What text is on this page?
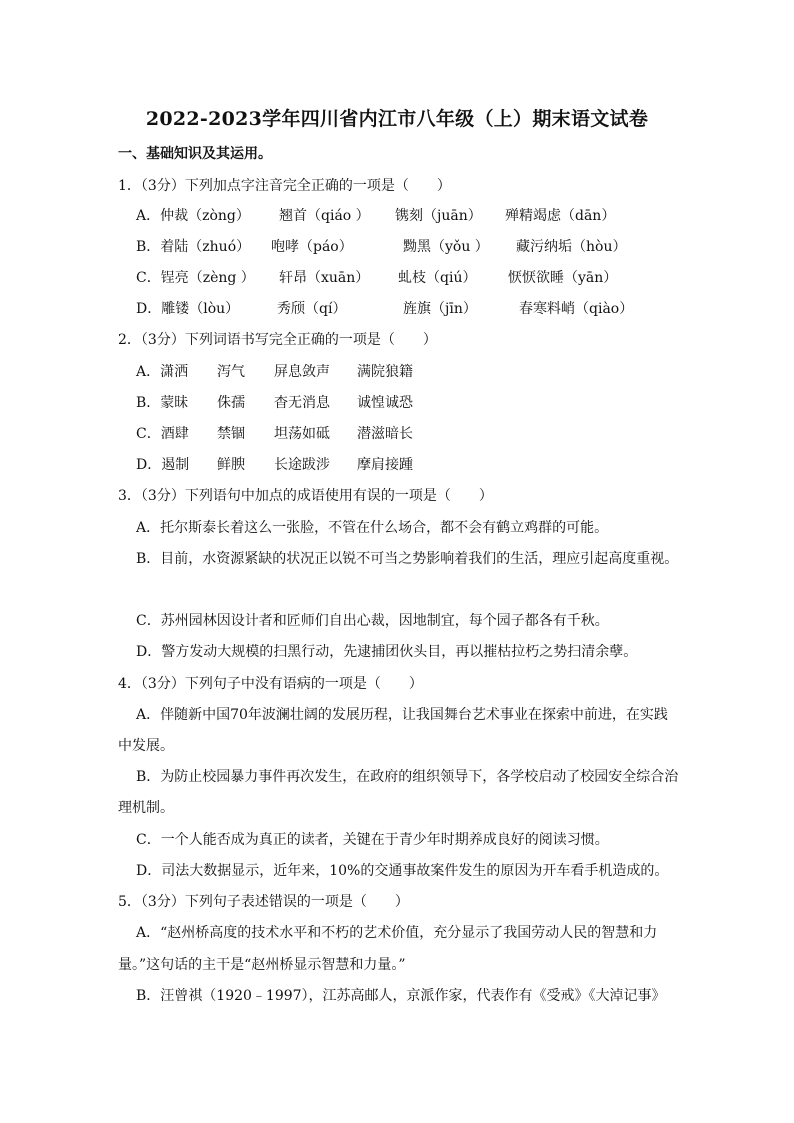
2022-2023学年四川省内江市八年级（上）期末语文试卷
一、基础知识及其运用。
1．（3分）下列加点字注音完全正确的一项是（　　）
A．仲裁（zòng） 翘首（qiáo ） 镌刻（juān） 殚精竭虑（dān）
B．着陆（zhuó） 咆哮（páo）	黝黑（yǒu ） 藏污纳垢（hòu）
C．锃亮（zèng ） 轩昂（xuān） 虬枝（qiú） 恹恹欲睡（yān）
D．雕镂（lòu）	秀颀（qí）	旌旗（jīn）	春寒料峭（qiào）
2．（3分）下列词语书写完全正确的一项是（　　）
A．潇洒 泻气 屏息敛声 满院狼籍
B．蒙昧 侏孺 杳无消息 诚惶诚恐
C．酒肆 禁锢 坦荡如砥 潜滋暗长
D．遏制 鲜腴 长途跋涉 摩肩接踵
3．（3分）下列语句中加点的成语使用有误的一项是（　　）
A．托尔斯泰长着这么一张脸，不管在什么场合，都不会有鹤立鸡群的可能。
B．目前，水资源紧缺的状况正以锐不可当之势影响着我们的生活，理应引起高度重视。
C．苏州园林因设计者和匠师们自出心裁，因地制宜，每个园子都各有千秋。
D．警方发动大规模的扫黑行动，先逮捕团伙头目，再以摧枯拉朽之势扫清余孽。
4．（3分）下列句子中没有语病的一项是（　　）
A．伴随新中国70年波澜壮阔的发展历程，让我国舞台艺术事业在探索中前进，在实践
中发展。
B．为防止校园暴力事件再次发生，在政府的组织领导下，各学校启动了校园安全综合治
理机制。
C．一个人能否成为真正的读者，关键在于青少年时期养成良好的阅读习惯。
D．司法大数据显示，近年来，10%的交通事故案件发生的原因为开车看手机造成的。
5．（3分）下列句子表述错误的一项是（　　）
A．“赵州桥高度的技术水平和不朽的艺术价值，充分显示了我国劳动人民的智慧和力
量。”这句话的主干是“赵州桥显示智慧和力量。”
B．汪曾祺（1920﹣1997），江苏高邮人，京派作家，代表作有《受戒》《大淖记事》
